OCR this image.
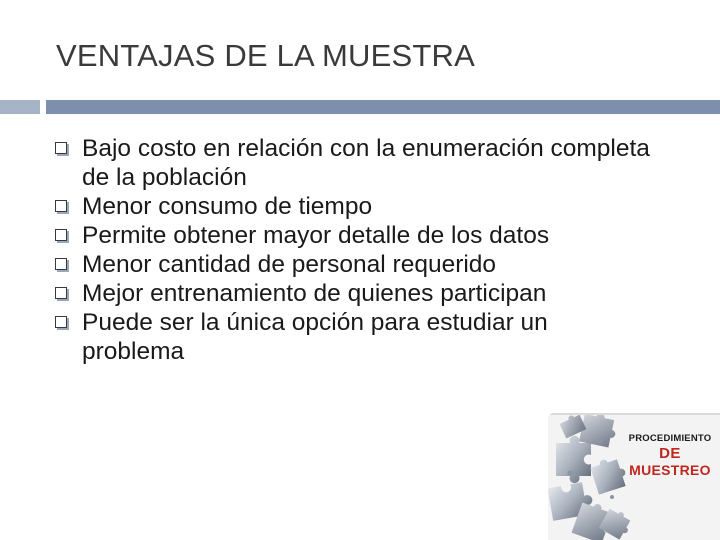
VENTAJAS DE LA MUESTRA
Bajo costo en relación con la enumeración completa de la población
Menor consumo de tiempo
Permite obtener mayor detalle de los datos
Menor cantidad de personal requerido
Mejor entrenamiento de quienes participan
Puede ser la única opción para estudiar un problema
PROCEDIMIENTO
DE
MUESTREO
